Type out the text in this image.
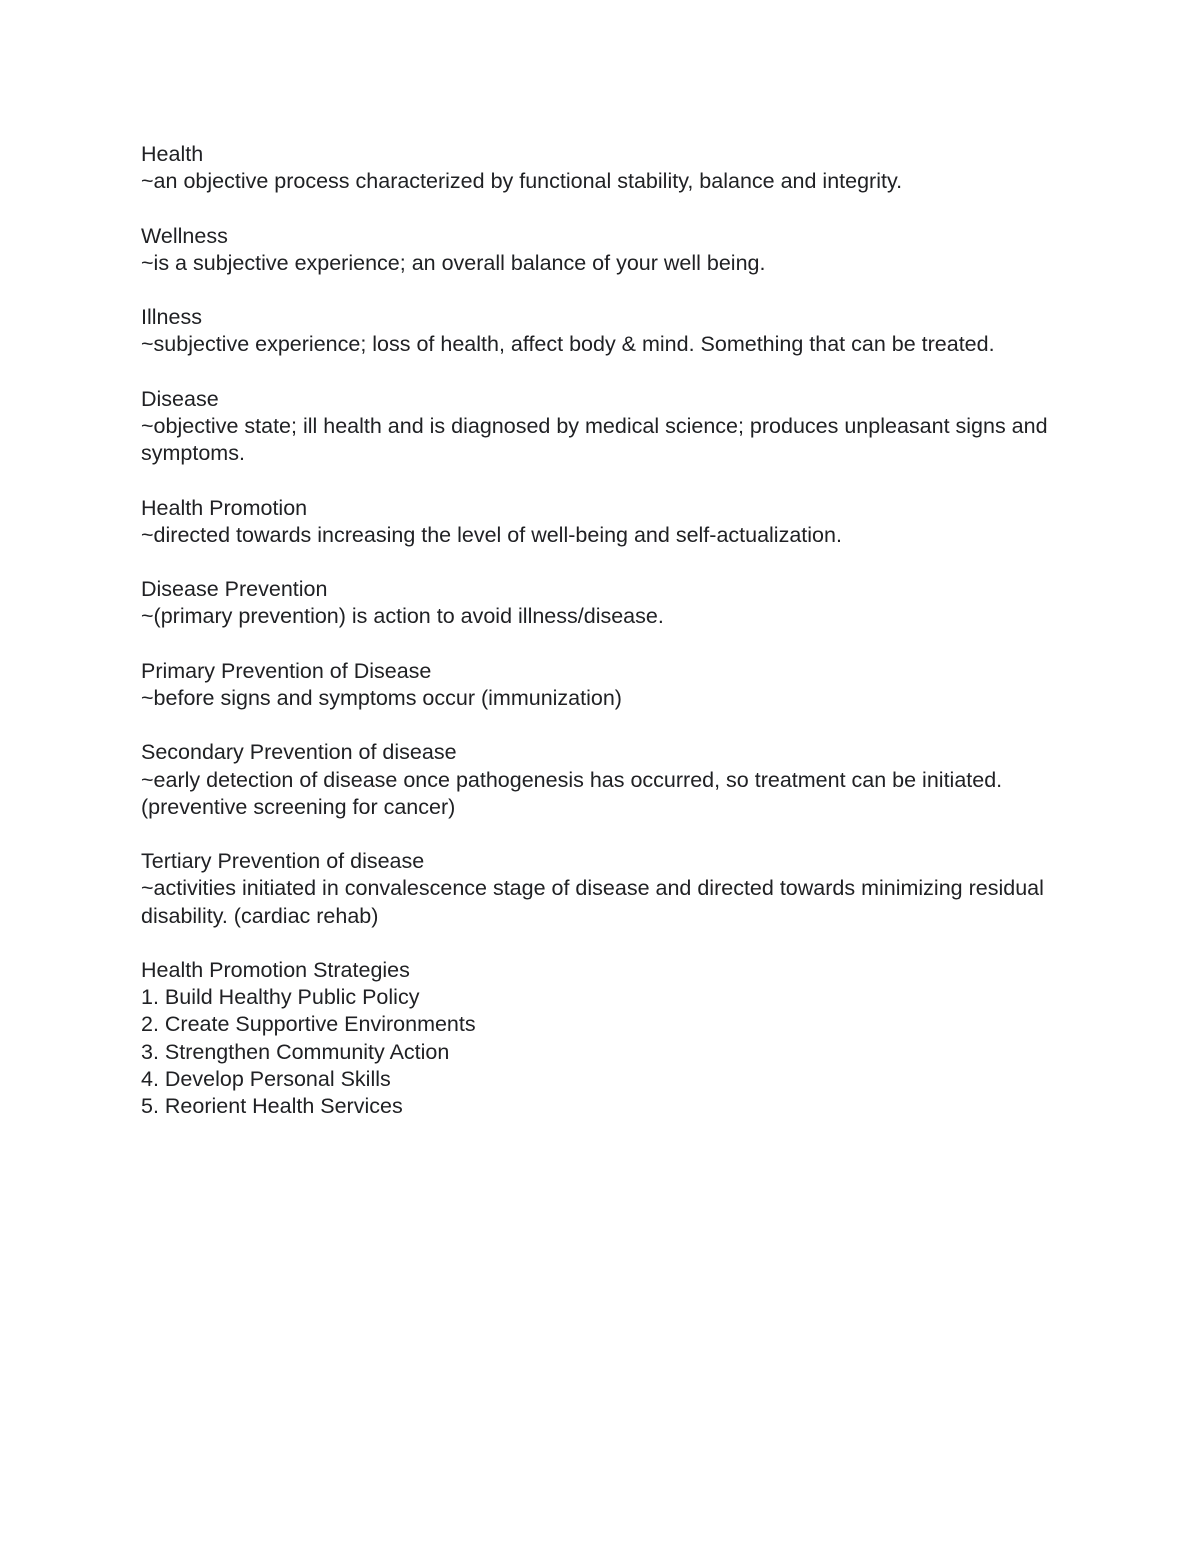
Health
~an objective process characterized by functional stability, balance and integrity.
Wellness
~is a subjective experience; an overall balance of your well being.
Illness
~subjective experience; loss of health, affect body & mind. Something that can be treated.
Disease
~objective state; ill health and is diagnosed by medical science; produces unpleasant signs and symptoms.
Health Promotion
~directed towards increasing the level of well-being and self-actualization.
Disease Prevention
~(primary prevention) is action to avoid illness/disease.
Primary Prevention of Disease
~before signs and symptoms occur (immunization)
Secondary Prevention of disease
~early detection of disease once pathogenesis has occurred, so treatment can be initiated. (preventive screening for cancer)
Tertiary Prevention of disease
~activities initiated in convalescence stage of disease and directed towards minimizing residual disability. (cardiac rehab)
Health Promotion Strategies
1. Build Healthy Public Policy
2. Create Supportive Environments
3. Strengthen Community Action
4. Develop Personal Skills
5. Reorient Health Services
